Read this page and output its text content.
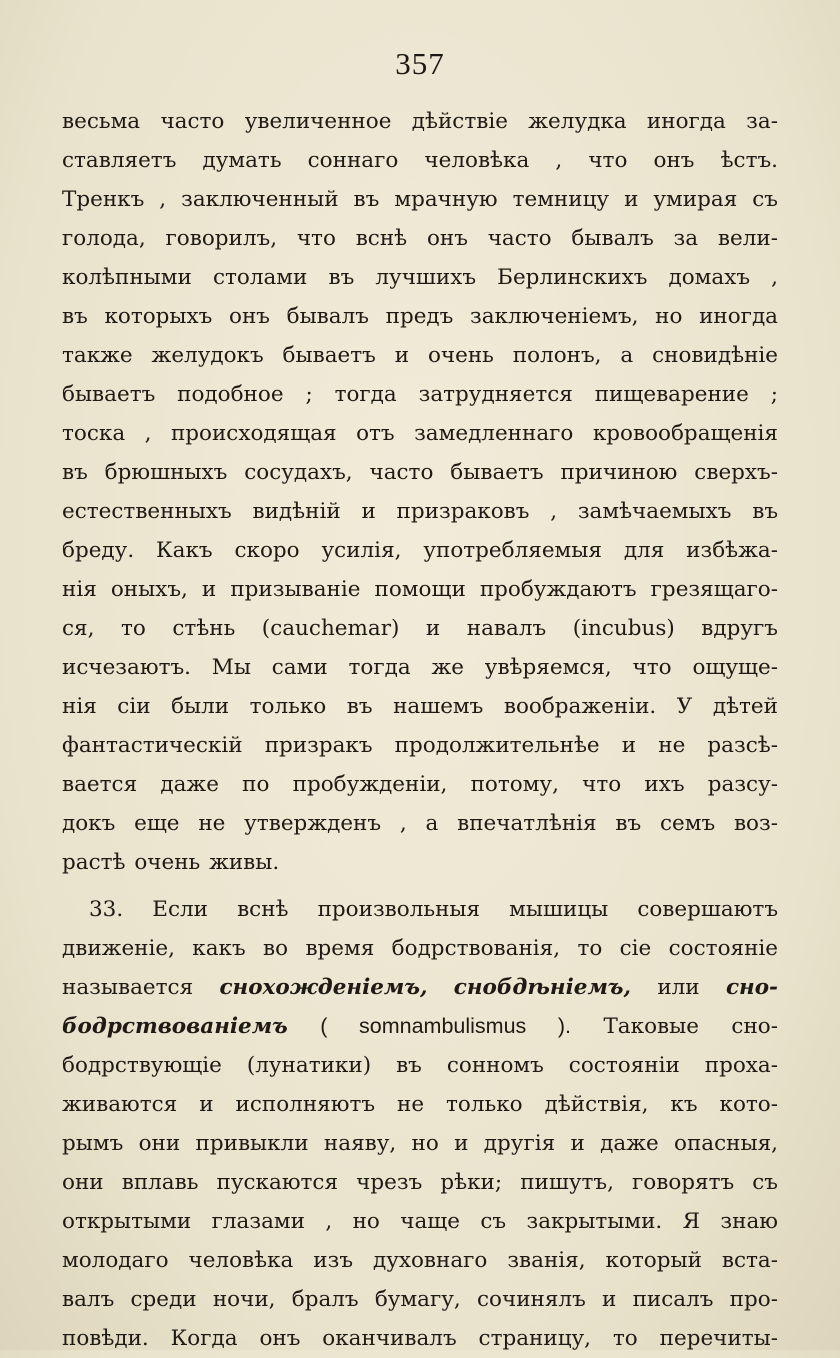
357
весьма часто увеличенное дѣйствіе желудка иногда за-
ставляетъ думать соннаго человѣка , что онъ ѣстъ.
Тренкъ , заключенный въ мрачную темницу и умирая съ
голода, говорилъ, что вснѣ онъ часто бывалъ за вели-
колѣпными столами въ лучшихъ Берлинскихъ домахъ ,
въ которыхъ онъ бывалъ предъ заключеніемъ, но иногда
также желудокъ бываетъ и очень полонъ, а сновидѣніе
бываетъ подобное ; тогда затрудняется пищеварение ;
тоска , происходящая отъ замедленнаго кровообращенія
въ брюшныхъ сосудахъ, часто бываетъ причиною сверхъ-
естественныхъ видѣній и призраковъ , замѣчаемыхъ въ
бреду. Какъ скоро усилія, употребляемыя для избѣжа-
нія оныхъ, и призываніе помощи пробуждаютъ грезящаго-
ся, то стѣнь (cauchemar) и навалъ (incubus) вдругъ
исчезаютъ. Мы сами тогда же увѣряемся, что ощуще-
нія сіи были только въ нашемъ воображеніи. У дѣтей
фантастическій призракъ продолжительнѣе и не разсѣ-
вается даже по пробужденіи, потому, что ихъ разсу-
докъ еще не утвержденъ , а впечатлѣнія въ семъ воз-
растѣ очень живы.
33. Если вснѣ произвольныя мышицы совершаютъ
движеніе, какъ во время бодрствованія, то сіе состояніе
называется снохожденіемъ, снобдѣніемъ, или сно-
бодрствованіемъ ( somnambulismus ). Таковые сно-
бодрствующіе (лунатики) въ сонномъ состояніи проха-
живаются и исполняютъ не только дѣйствія, къ кото-
рымъ они привыкли наяву, но и другія и даже опасныя,
они вплавь пускаются чрезъ рѣки; пишутъ, говорятъ съ
открытыми глазами , но чаще съ закрытыми. Я знаю
молодаго человѣка изъ духовнаго званія, который вста-
валъ среди ночи, бралъ бумагу, сочинялъ и писалъ про-
повѣди. Когда онъ оканчивалъ страницу, то перечиты-
